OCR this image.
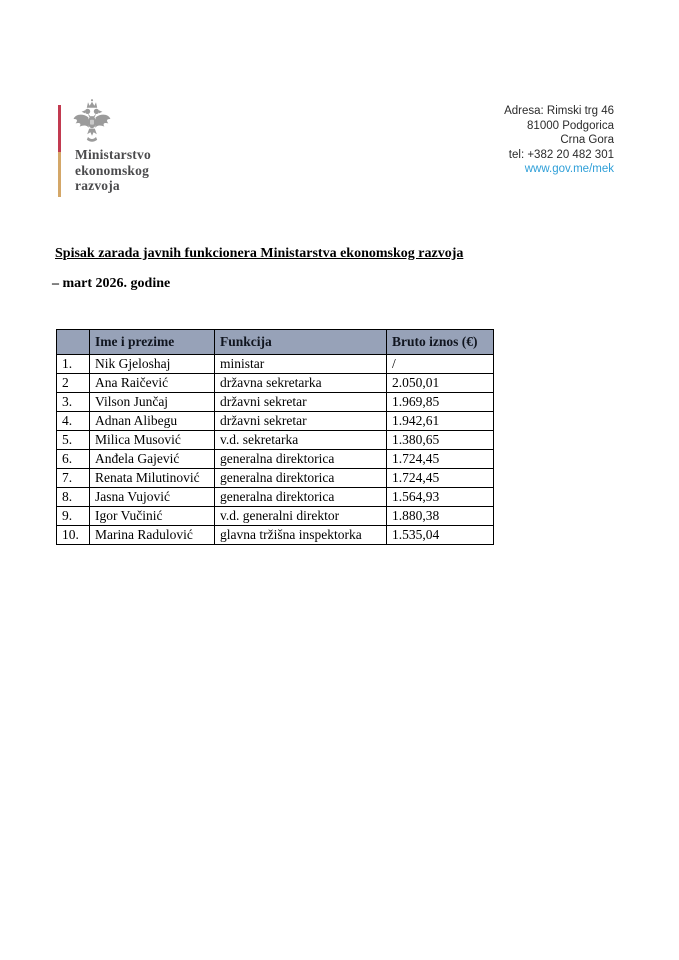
Ministarstvo
ekonomskog
razvoja
Adresa: Rimski trg 46
81000 Podgorica
Crna Gora
tel: +382 20 482 301
www.gov.me/mek
Spisak zarada javnih funkcionera Ministarstva ekonomskog razvoja
– mart 2026. godine
	Ime i prezime	Funkcija	Bruto iznos (€)
1.	Nik Gjeloshaj	ministar	/
2	Ana Raičević	državna sekretarka	2.050,01
3.	Vilson Junčaj	državni sekretar	1.969,85
4.	Adnan Alibegu	državni sekretar	1.942,61
5.	Milica Musović	v.d. sekretarka	1.380,65
6.	Anđela Gajević	generalna direktorica	1.724,45
7.	Renata Milutinović	generalna direktorica	1.724,45
8.	Jasna Vujović	generalna direktorica	1.564,93
9.	Igor Vučinić	v.d. generalni direktor	1.880,38
10.	Marina Radulović	glavna tržišna inspektorka	1.535,04
